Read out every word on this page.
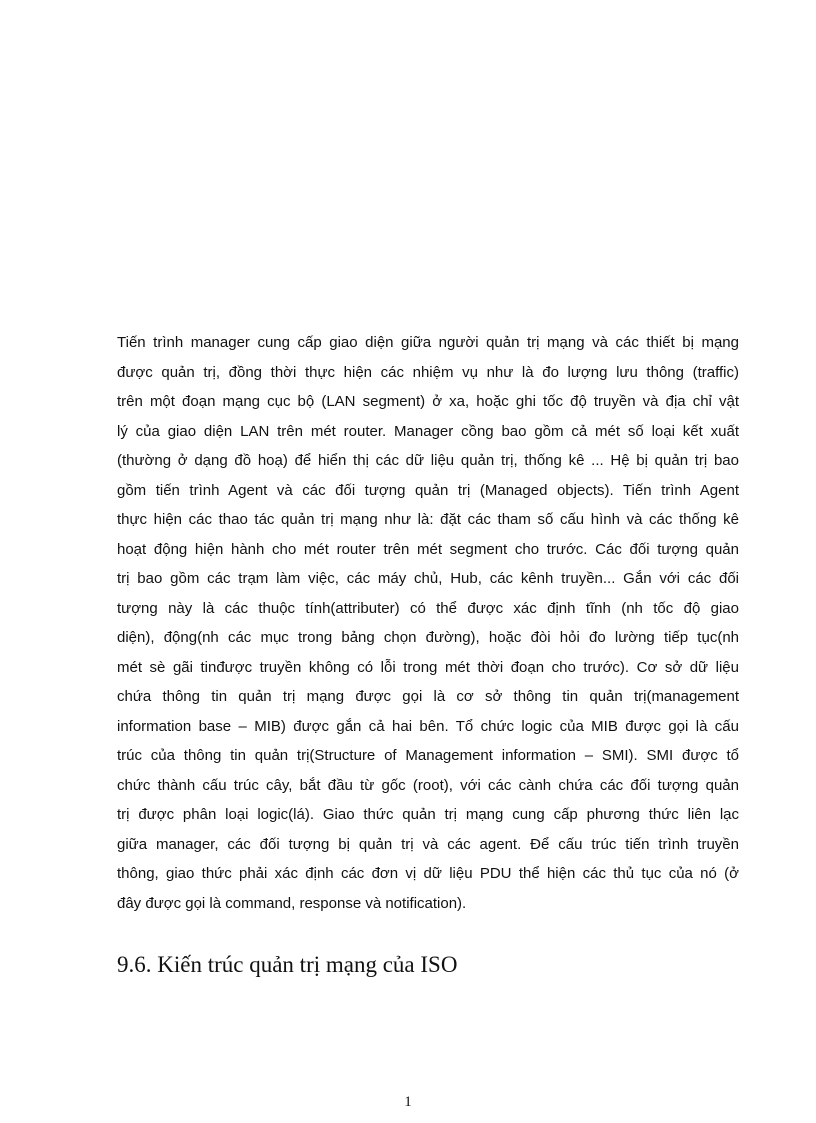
Tiến trình manager cung cấp giao diện giữa người quản trị mạng và các thiết bị mạng
được quản trị, đồng thời thực hiện các nhiệm vụ như là đo lượng lưu thông (traffic)
trên một đoạn mạng cục bộ (LAN segment) ở xa, hoặc ghi tốc độ truyền và địa chỉ vật
lý của giao diện LAN trên mét router. Manager cồng bao gồm cả mét số loại kết xuất
(thường ở dạng đồ hoạ) để hiển thị các dữ liệu quản trị, thống kê ... Hệ bị quản trị bao
gồm tiến trình Agent và các đối tượng quản trị (Managed objects). Tiến trình Agent
thực hiện các thao tác quản trị mạng như là: đặt các tham số cấu hình và các thống kê
hoạt động hiện hành cho mét router trên mét segment cho trước. Các đối tượng quản
trị bao gồm các trạm làm việc, các máy chủ, Hub, các kênh truyền... Gắn với các đối
tượng này là các thuộc tính(attributer) có thể được xác định tĩnh (nh tốc độ giao
diện), động(nh các mục trong bảng chọn đường), hoặc đòi hỏi đo lường tiếp tục(nh
mét sè gãi tinđược truyền không có lỗi trong mét thời đoạn cho trước). Cơ sở dữ liệu
chứa thông tin quản trị mạng được gọi là cơ sở thông tin quản trị(management
information base – MIB) được gắn cả hai bên. Tổ chức logic của MIB được gọi là cấu
trúc của thông tin quản trị(Structure of Management information – SMI). SMI được tổ
chức thành cấu trúc cây, bắt đầu từ gốc (root), với các cành chứa các đối tượng quản
trị được phân loại logic(lá). Giao thức quản trị mạng cung cấp phương thức liên lạc
giữa manager, các đối tượng bị quản trị và các agent. Để cấu trúc tiến trình truyền
thông, giao thức phải xác định các đơn vị dữ liệu PDU thể hiện các thủ tục của nó (ở
đây được gọi là command, response và notification).
9.6. Kiến trúc quản trị mạng của ISO
1
